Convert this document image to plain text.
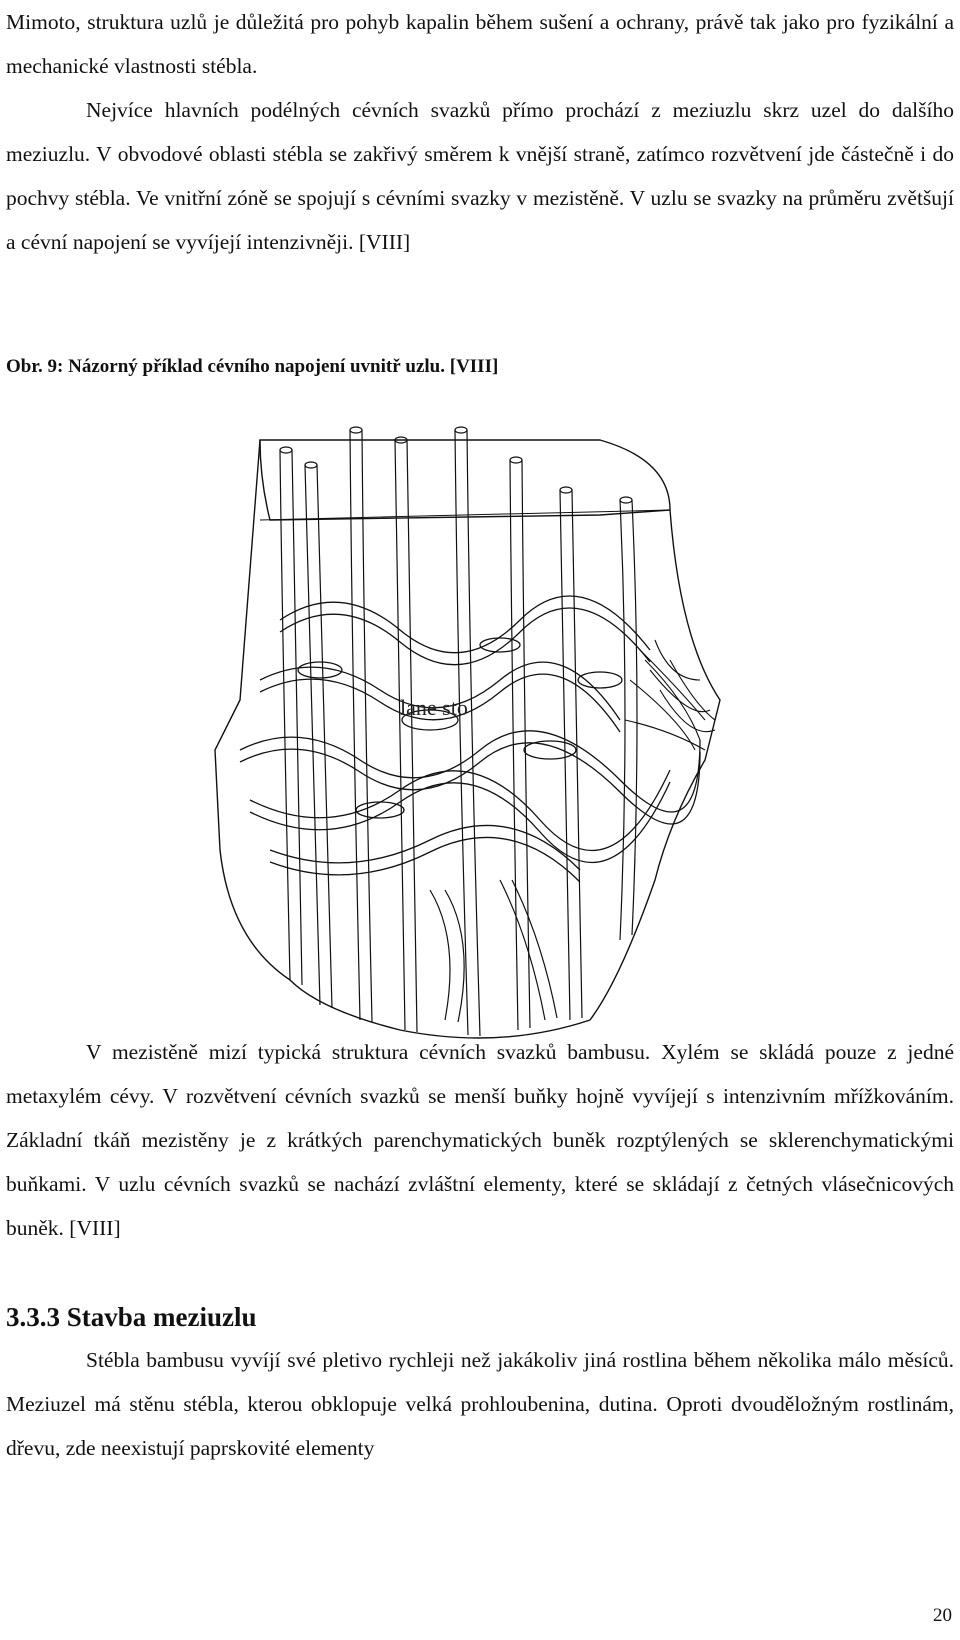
Mimoto, struktura uzlů je důležitá pro pohyb kapalin během sušení a ochrany, právě tak jako pro fyzikální a mechanické vlastnosti stébla.

Nejvíce hlavních podélných cévních svazků přímo prochází z meziuzlu skrz uzel do dalšího meziuzlu. V obvodové oblasti stébla se zakřivý směrem k vnější straně, zatímco rozvětvení jde částečně i do pochvy stébla. Ve vnitřní zóně se spojují s cévními svazky v mezistěně. V uzlu se svazky na průměru zvětšují a cévní napojení se vyvíjejí intenzivněji. [VIII]

Obr. 9: Názorný příklad cévního napojení uvnitř uzlu. [VIII]

lane sto

V mezistěně mizí typická struktura cévních svazků bambusu. Xylém se skládá pouze z jedné metaxylém cévy. V rozvětvení cévních svazků se menší buňky hojně vyvíjejí s intenzivním mřížkováním. Základní tkáň mezistěny je z krátkých parenchymatických buněk rozptýlených se sklerenchymatickými buňkami. V uzlu cévních svazků se nachází zvláštní elementy, které se skládají z četných vlásečnicových buněk. [VIII]

3.3.3 Stavba meziuzlu

Stébla bambusu vyvíjí své pletivo rychleji než jakákoliv jiná rostlina během několika málo měsíců. Meziuzel má stěnu stébla, kterou obklopuje velká prohloubenina, dutina. Oproti dvouděložným rostlinám, dřevu, zde neexistují paprskovité elementy

20
